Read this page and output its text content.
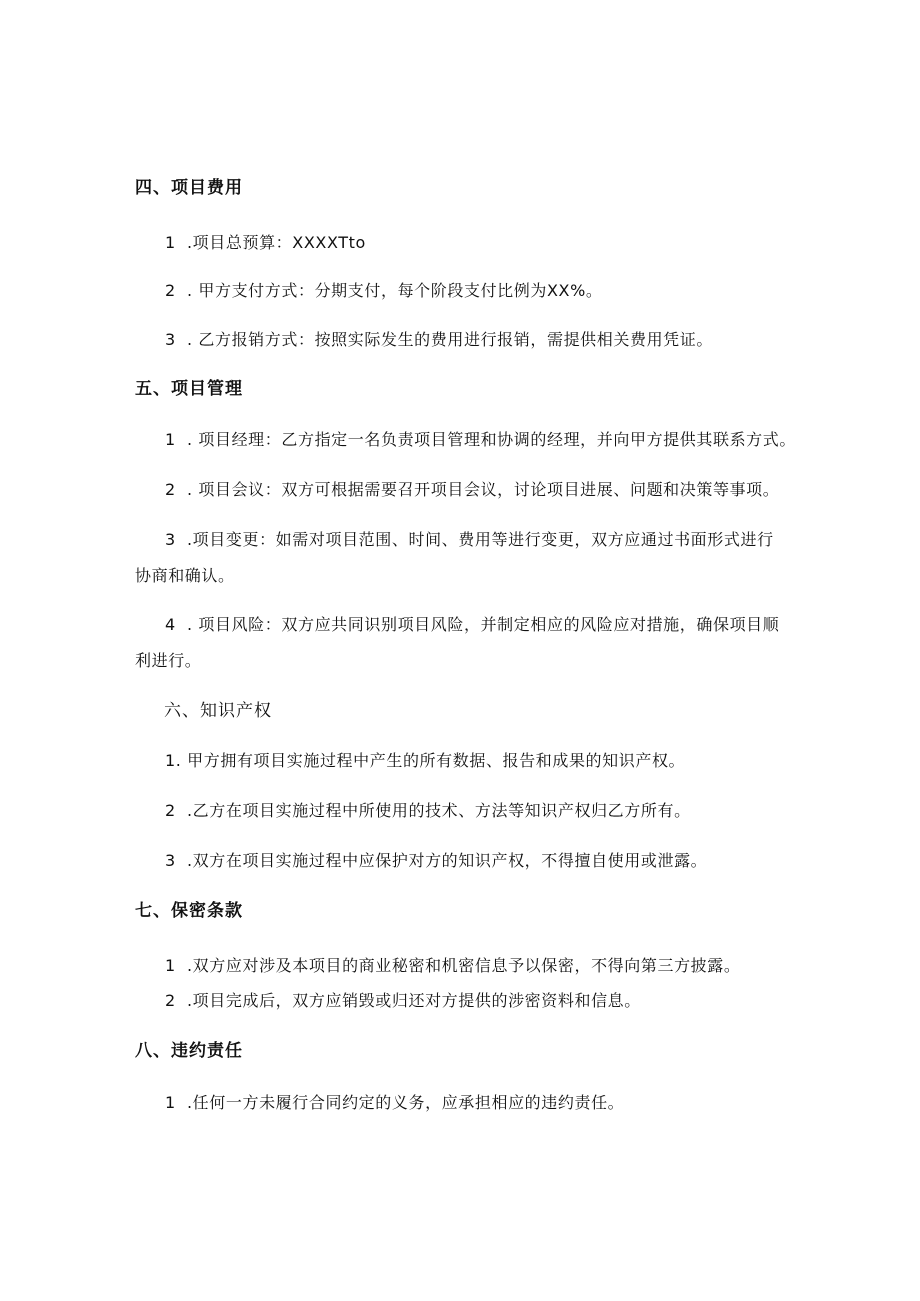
四、项目费用
1 .项目总预算：XXXXTto
2 . 甲方支付方式：分期支付，每个阶段支付比例为XX%。
3 . 乙方报销方式：按照实际发生的费用进行报销，需提供相关费用凭证。
五、项目管理
1 . 项目经理：乙方指定一名负责项目管理和协调的经理，并向甲方提供其联系方式。
2 . 项目会议：双方可根据需要召开项目会议，讨论项目进展、问题和决策等事项。
3 .项目变更：如需对项目范围、时间、费用等进行变更，双方应通过书面形式进行
协商和确认。
4 . 项目风险：双方应共同识别项目风险，并制定相应的风险应对措施，确保项目顺
利进行。
六、知识产权
1. 甲方拥有项目实施过程中产生的所有数据、报告和成果的知识产权。
2 .乙方在项目实施过程中所使用的技术、方法等知识产权归乙方所有。
3 .双方在项目实施过程中应保护对方的知识产权，不得擅自使用或泄露。
七、保密条款
1 .双方应对涉及本项目的商业秘密和机密信息予以保密，不得向第三方披露。
2 .项目完成后，双方应销毁或归还对方提供的涉密资料和信息。
八、违约责任
1 .任何一方未履行合同约定的义务，应承担相应的违约责任。
